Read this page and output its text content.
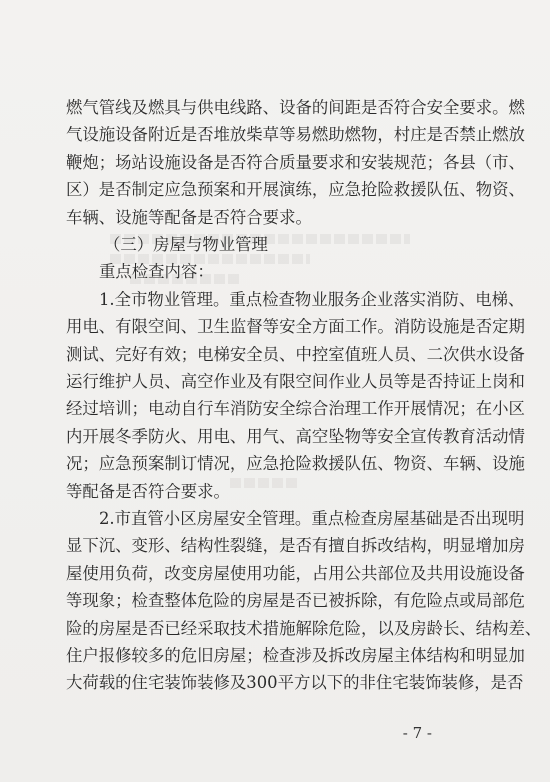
燃气管线及燃具与供电线路、设备的间距是否符合安全要求。燃
气设施设备附近是否堆放柴草等易燃助燃物，村庄是否禁止燃放
鞭炮；场站设施设备是否符合质量要求和安装规范；各县（市、
区）是否制定应急预案和开展演练，应急抢险救援队伍、物资、
车辆、设施等配备是否符合要求。
（三）房屋与物业管理
重点检查内容：
1.全市物业管理。重点检查物业服务企业落实消防、电梯、
用电、有限空间、卫生监督等安全方面工作。消防设施是否定期
测试、完好有效；电梯安全员、中控室值班人员、二次供水设备
运行维护人员、高空作业及有限空间作业人员等是否持证上岗和
经过培训；电动自行车消防安全综合治理工作开展情况；在小区
内开展冬季防火、用电、用气、高空坠物等安全宣传教育活动情
况；应急预案制订情况，应急抢险救援队伍、物资、车辆、设施
等配备是否符合要求。
2.市直管小区房屋安全管理。重点检查房屋基础是否出现明
显下沉、变形、结构性裂缝，是否有擅自拆改结构，明显增加房
屋使用负荷，改变房屋使用功能，占用公共部位及共用设施设备
等现象；检查整体危险的房屋是否已被拆除，有危险点或局部危
险的房屋是否已经采取技术措施解除危险，以及房龄长、结构差、
住户报修较多的危旧房屋；检查涉及拆改房屋主体结构和明显加
大荷载的住宅装饰装修及300平方以下的非住宅装饰装修，是否
- 7 -
